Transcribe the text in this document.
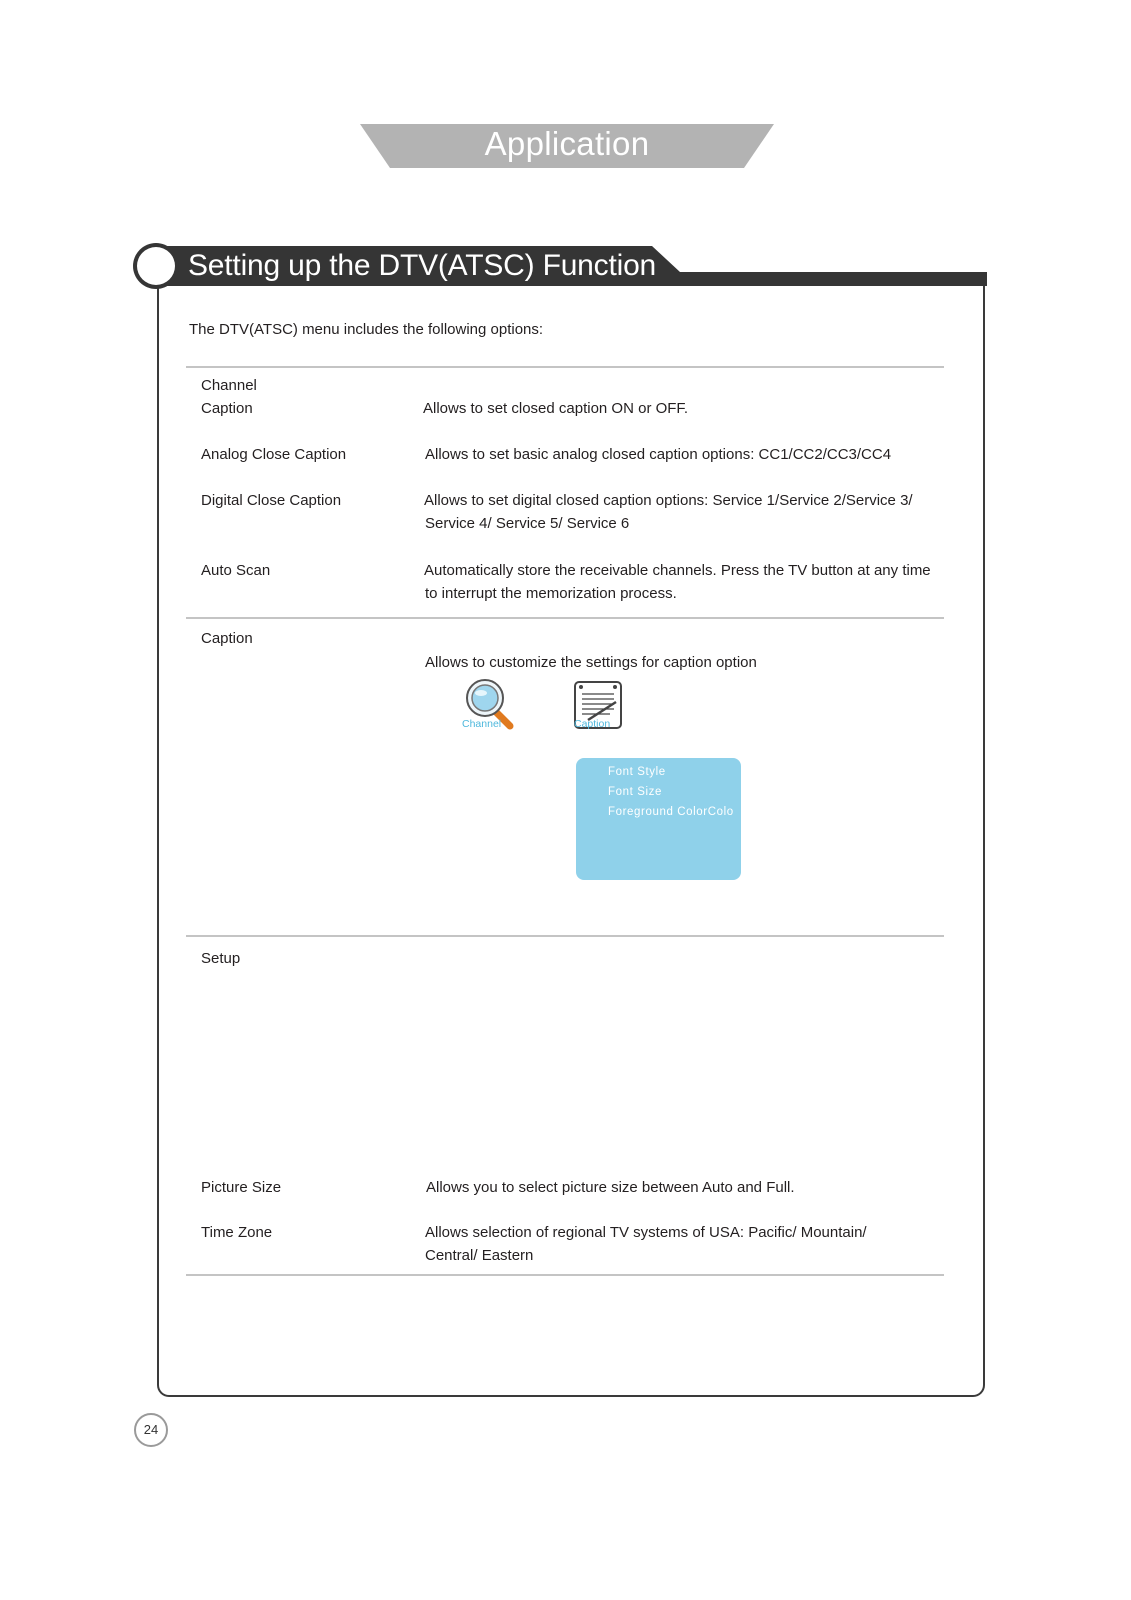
Application
Setting up the DTV(ATSC) Function
The DTV(ATSC) menu includes the following options:
Channel
Caption	Allows to set closed caption ON or OFF.
Analog Close Caption	Allows to set basic analog closed caption options: CC1/CC2/CC3/CC4
Digital Close Caption	Allows to set digital closed caption options: Service 1/Service 2/Service 3/
Service 4/ Service 5/ Service 6
Auto Scan	Automatically store the receivable channels. Press the TV button at any time
to interrupt the memorization process.
Caption
Allows to customize the settings for caption option
Channel	Caption
Font Style
Font Size
Foreground ColorColo
Setup
Picture Size	Allows you to select picture size between Auto and Full.
Time Zone	Allows selection of regional TV systems of USA: Pacific/ Mountain/
Central/ Eastern
24
